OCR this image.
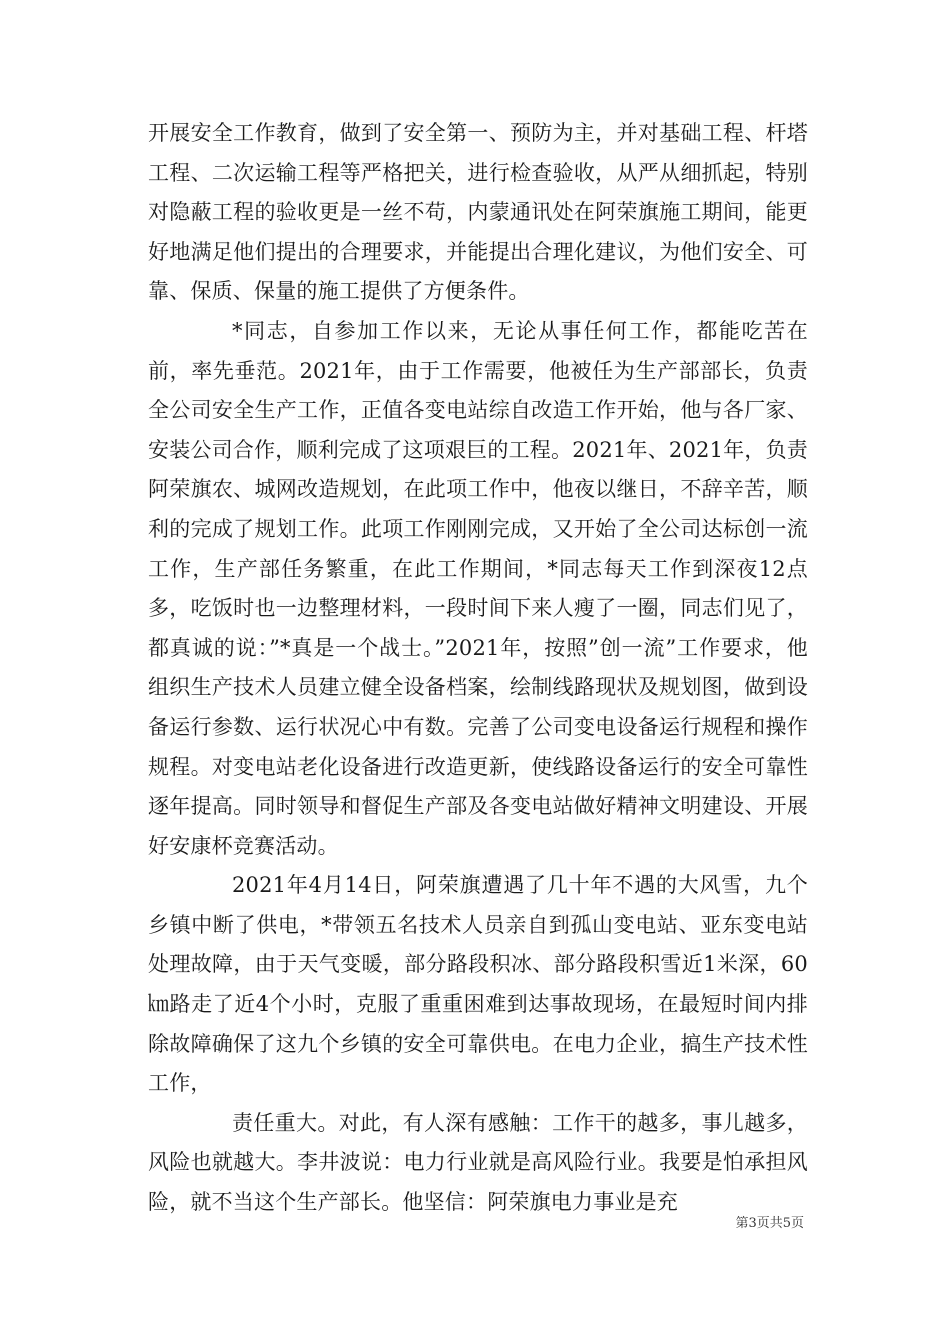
开展安全工作教育，做到了安全第一、预防为主，并对基础工程、杆塔工程、二次运输工程等严格把关，进行检查验收，从严从细抓起，特别对隐蔽工程的验收更是一丝不苟，内蒙通讯处在阿荣旗施工期间，能更好地满足他们提出的合理要求，并能提出合理化建议，为他们安全、可靠、保质、保量的施工提供了方便条件。

*同志，自参加工作以来，无论从事任何工作，都能吃苦在前，率先垂范。2021年，由于工作需要，他被任为生产部部长，负责全公司安全生产工作，正值各变电站综自改造工作开始，他与各厂家、安装公司合作，顺利完成了这项艰巨的工程。2021年、2021年，负责阿荣旗农、城网改造规划，在此项工作中，他夜以继日，不辞辛苦，顺利的完成了规划工作。此项工作刚刚完成，又开始了全公司达标创一流工作，生产部任务繁重，在此工作期间，*同志每天工作到深夜12点多，吃饭时也一边整理材料，一段时间下来人瘦了一圈，同志们见了，都真诚的说：”*真是一个战士。”2021年，按照”创一流”工作要求，他组织生产技术人员建立健全设备档案，绘制线路现状及规划图，做到设备运行参数、运行状况心中有数。完善了公司变电设备运行规程和操作规程。对变电站老化设备进行改造更新，使线路设备运行的安全可靠性逐年提高。同时领导和督促生产部及各变电站做好精神文明建设、开展好安康杯竞赛活动。

2021年4月14日，阿荣旗遭遇了几十年不遇的大风雪，九个乡镇中断了供电，*带领五名技术人员亲自到孤山变电站、亚东变电站处理故障，由于天气变暖，部分路段积冰、部分路段积雪近1米深，60㎞路走了近4个小时，克服了重重困难到达事故现场，在最短时间内排除故障确保了这九个乡镇的安全可靠供电。在电力企业，搞生产技术性工作，

责任重大。对此，有人深有感触：工作干的越多，事儿越多，风险也就越大。李井波说：电力行业就是高风险行业。我要是怕承担风险，就不当这个生产部长。他坚信：阿荣旗电力事业是充

第3页共5页
